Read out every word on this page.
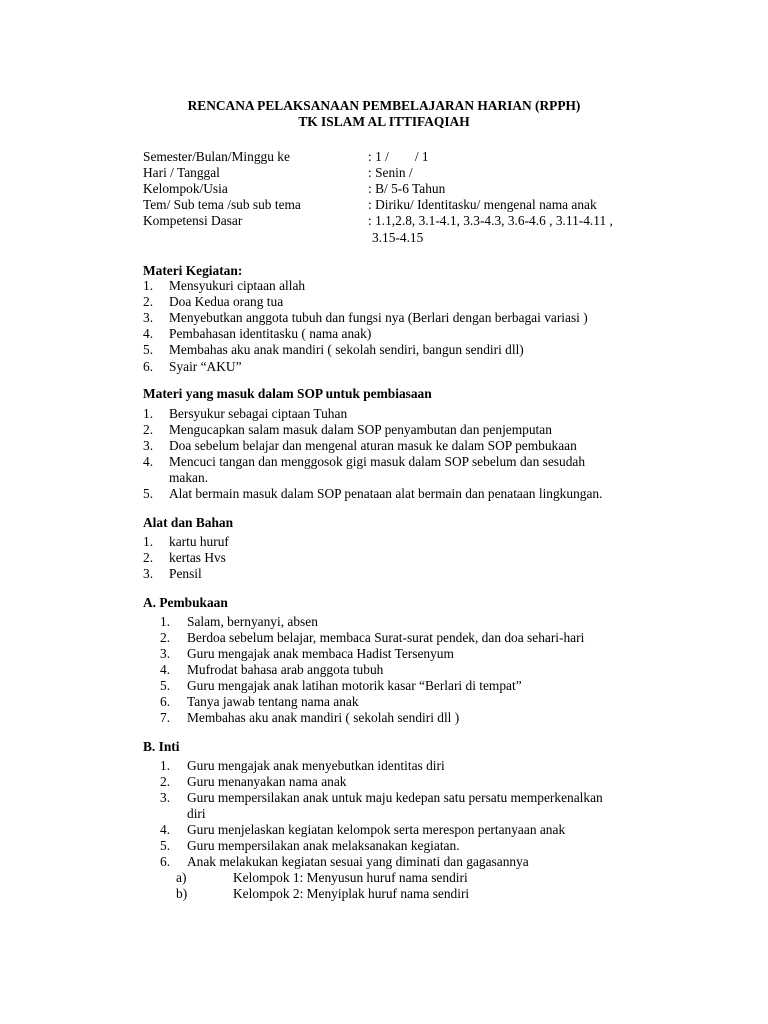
RENCANA PELAKSANAAN PEMBELAJARAN HARIAN (RPPH)
TK ISLAM AL ITTIFAQIAH
Semester/Bulan/Minggu ke	: 1 / / 1
Hari / Tanggal	: Senin /
Kelompok/Usia	: B/ 5-6 Tahun
Tem/ Sub tema /sub sub tema	: Diriku/ Identitasku/ mengenal nama anak
Kompetensi Dasar	: 1.1,2.8, 3.1-4.1, 3.3-4.3, 3.6-4.6 , 3.11-4.11 ,
3.15-4.15
Materi Kegiatan:
1. Mensyukuri ciptaan allah
2. Doa Kedua orang tua
3. Menyebutkan anggota tubuh dan fungsi nya (Berlari dengan berbagai variasi )
4. Pembahasan identitasku ( nama anak)
5. Membahas aku anak mandiri ( sekolah sendiri, bangun sendiri dll)
6. Syair “AKU”
Materi yang masuk dalam SOP untuk pembiasaan
1. Bersyukur sebagai ciptaan Tuhan
2. Mengucapkan salam masuk dalam SOP penyambutan dan penjemputan
3. Doa sebelum belajar dan mengenal aturan masuk ke dalam SOP pembukaan
4. Mencuci tangan dan menggosok gigi masuk dalam SOP sebelum dan sesudah
makan.
5. Alat bermain masuk dalam SOP penataan alat bermain dan penataan lingkungan.
Alat dan Bahan
1. kartu huruf
2. kertas Hvs
3. Pensil
A. Pembukaan
1. Salam, bernyanyi, absen
2. Berdoa sebelum belajar, membaca Surat-surat pendek, dan doa sehari-hari
3. Guru mengajak anak membaca Hadist Tersenyum
4. Mufrodat bahasa arab anggota tubuh
5. Guru mengajak anak latihan motorik kasar “Berlari di tempat”
6. Tanya jawab tentang nama anak
7. Membahas aku anak mandiri ( sekolah sendiri dll )
B. Inti
1. Guru mengajak anak menyebutkan identitas diri
2. Guru menanyakan nama anak
3. Guru mempersilakan anak untuk maju kedepan satu persatu memperkenalkan
diri
4. Guru menjelaskan kegiatan kelompok serta merespon pertanyaan anak
5. Guru mempersilakan anak melaksanakan kegiatan.
6. Anak melakukan kegiatan sesuai yang diminati dan gagasannya
a)	Kelompok 1: Menyusun huruf nama sendiri
b)	Kelompok 2: Menyiplak huruf nama sendiri
